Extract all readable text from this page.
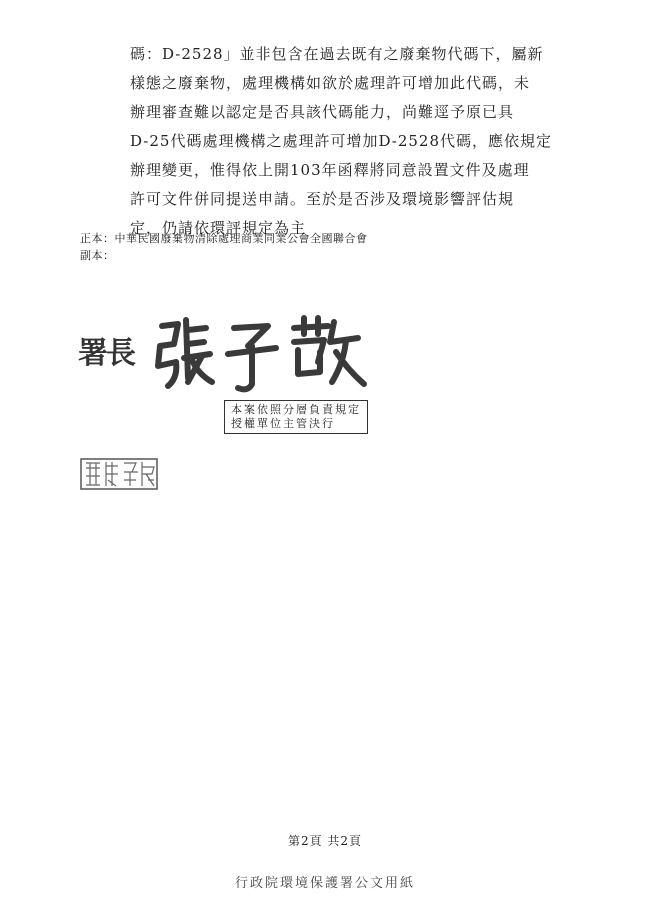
碼：D-2528」並非包含在過去既有之廢棄物代碼下，屬新

樣態之廢棄物，處理機構如欲於處理許可增加此代碼，未

辦理審查難以認定是否具該代碼能力，尚難逕予原已具

D-25代碼處理機構之處理許可增加D-2528代碼，應依規定

辦理變更，惟得依上開103年函釋將同意設置文件及處理

許可文件併同提送申請。至於是否涉及環境影響評估規

定，仍請依環評規定為主

正本：中華民國廢棄物清除處理商業同業公會全國聯合會
副本：
署長
本案依照分層負責規定
授權單位主管決行
第2頁 共2頁
行政院環境保護署公文用紙
